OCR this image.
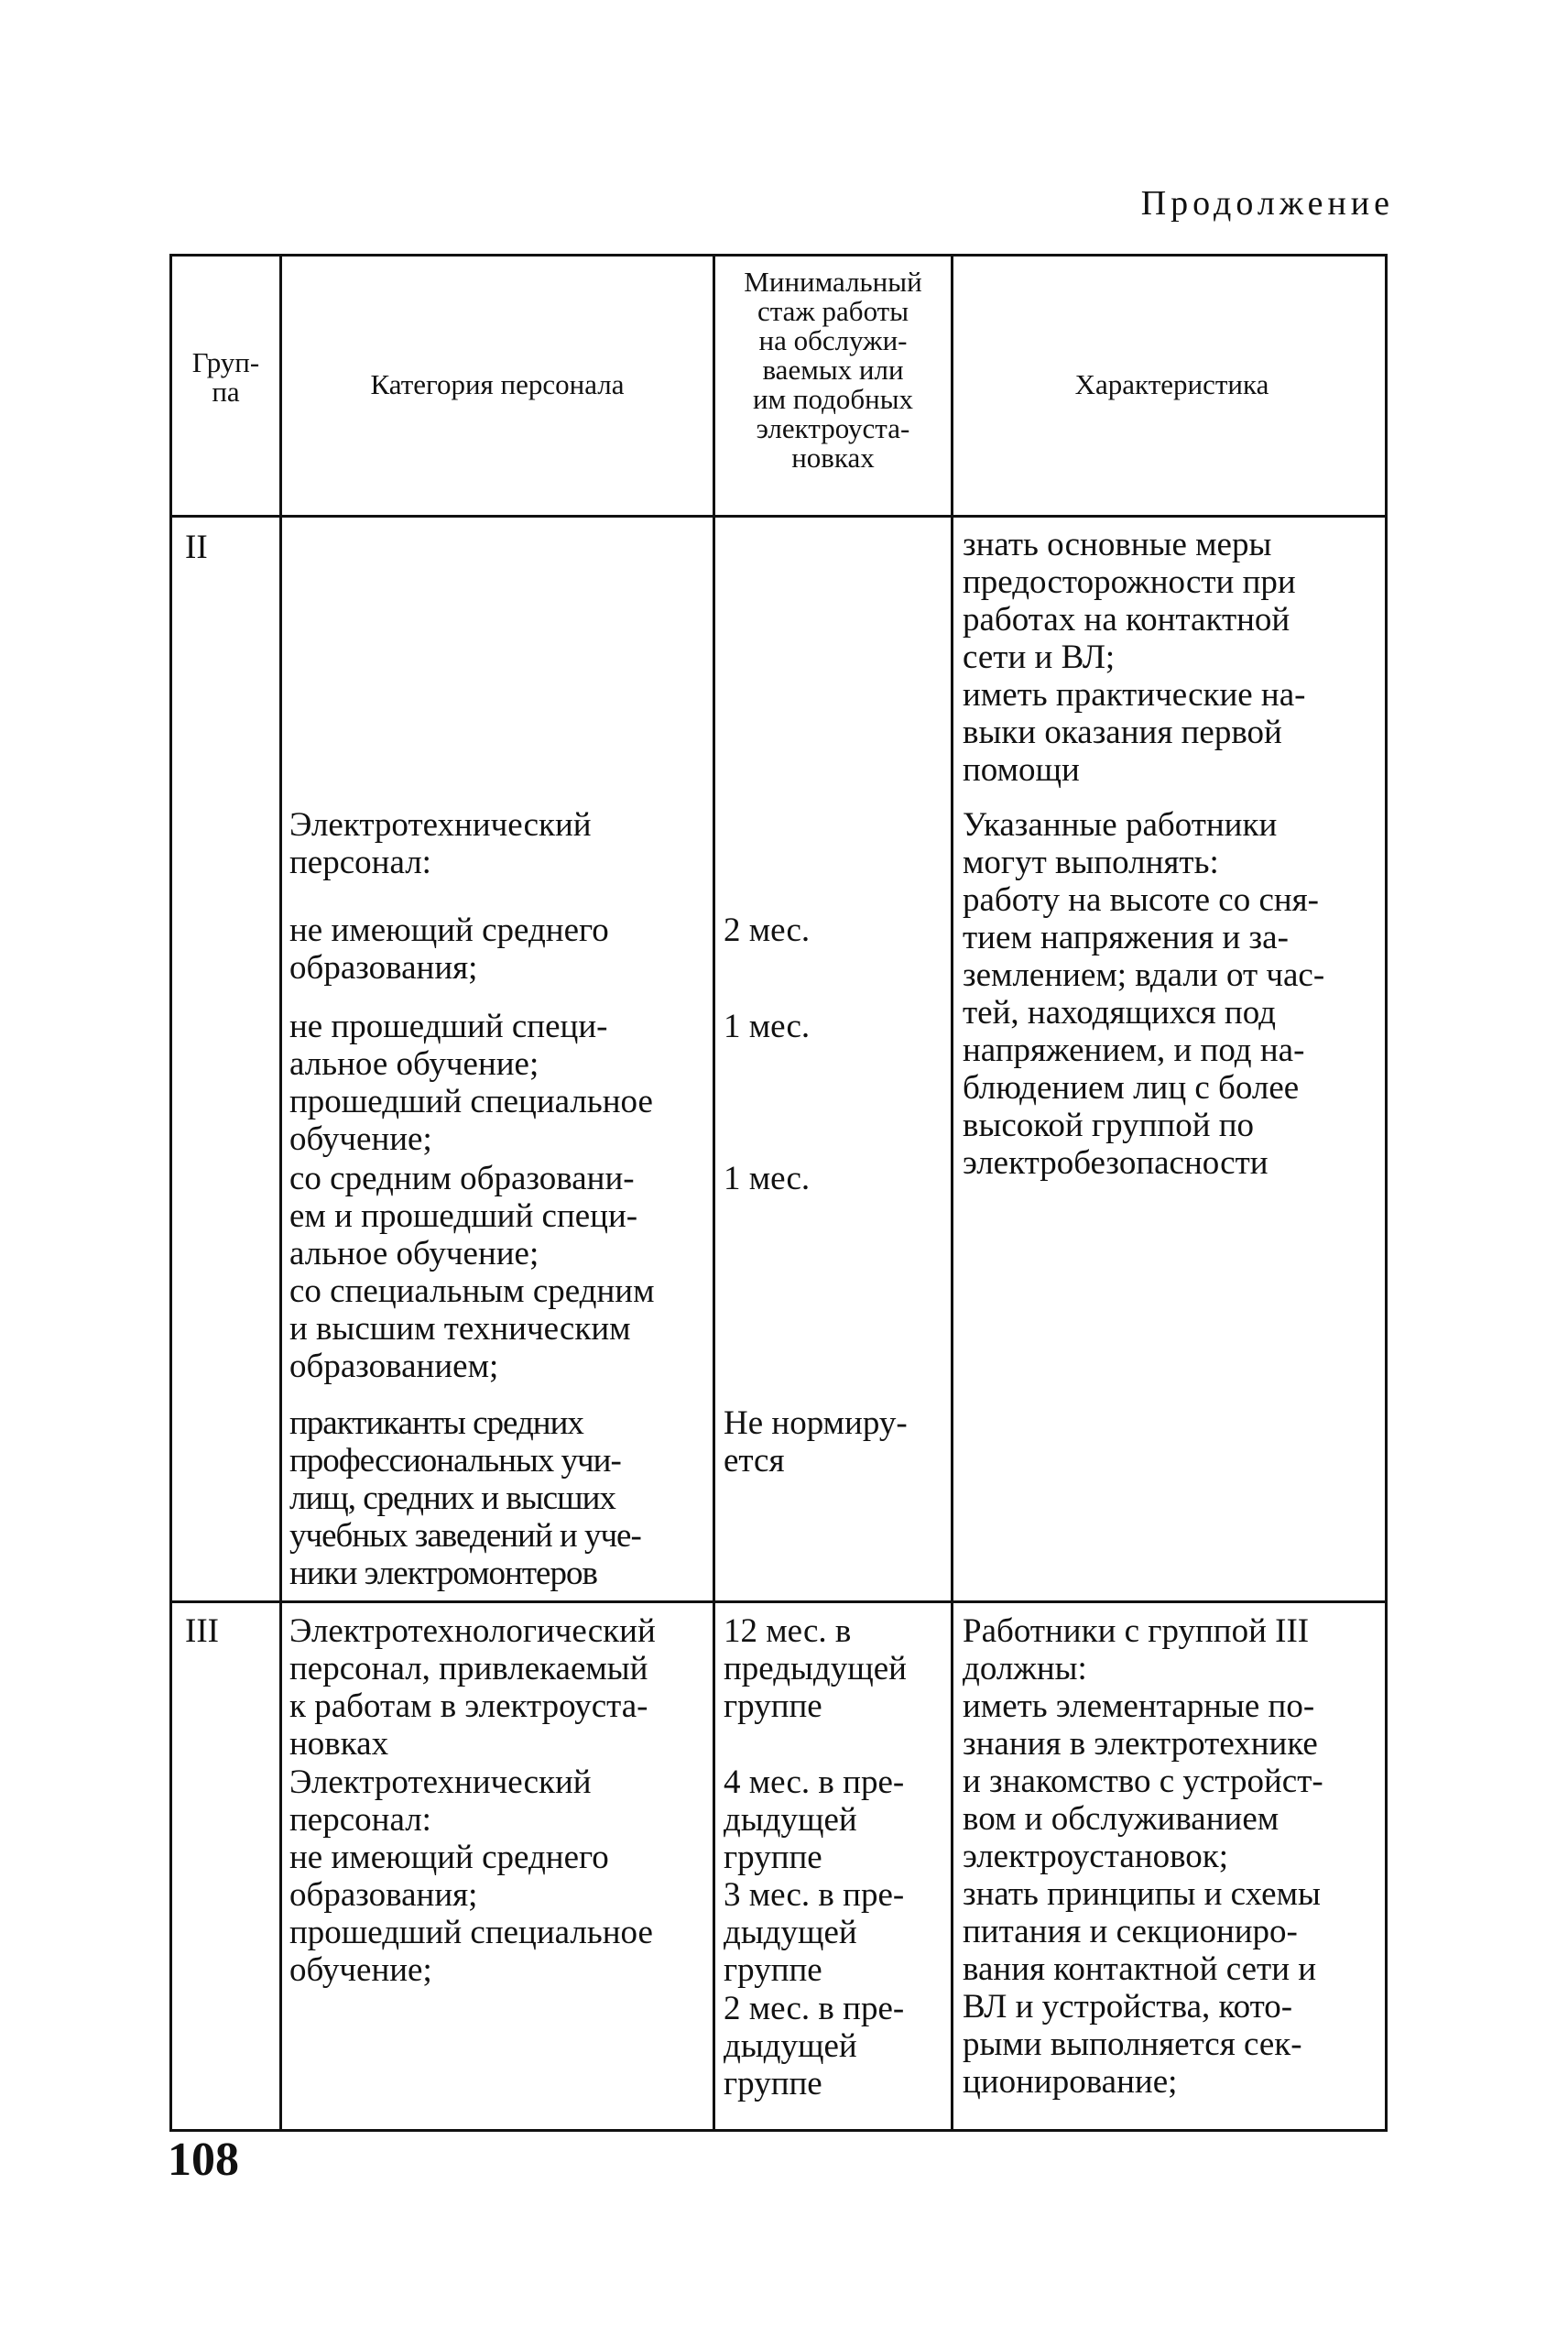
Продолжение
Груп-
па	Категория персонала
Минимальный
стаж работы
на обслужи-
ваемых или
им подобных
электроуста-
новках
Характеристика
II	знать основные меры
предосторожности при
работах на контактной
сети и ВЛ;
иметь практические на-
выки оказания первой
помощи
Электротехнический
персонал:
Указанные работники
могут выполнять:
работу на высоте со сня-
тием напряжения и за-
землением; вдали от час-
тей, находящихся под
напряжением, и под на-
блюдением лиц с более
высокой группой по
электробезопасности
не имеющий среднего
образования;
2 мес.
не прошедший специ-
альное обучение;
прошедший специальное
обучение;
1 мес.
со средним образовани-
ем и прошедший специ-
альное обучение;
со специальным средним
и высшим техническим
образованием;
1 мес.
практиканты средних
профессиональных учи-
лищ, средних и высших
учебных заведений и уче-
ники электромонтеров
Не нормиру-
ется
III Электротехнологический
персонал, привлекаемый
к работам в электроуста-
новках
12 мес. в
предыдущей
группе
Работники с группой III
должны:
иметь элементарные по-
знания в электротехнике
и знакомство с устройст-
вом и обслуживанием
электроустановок;
знать принципы и схемы
питания и секциониро-
вания контактной сети и
ВЛ и устройства, кото-
рыми выполняется сек-
ционирование;
Электротехнический
персонал:
не имеющий среднего
образования;
прошедший специальное
обучение;
4 мес. в пре-
дыдущей
группе
3 мес. в пре-
дыдущей
группе
2 мес. в пре-
дыдущей
группе
108
